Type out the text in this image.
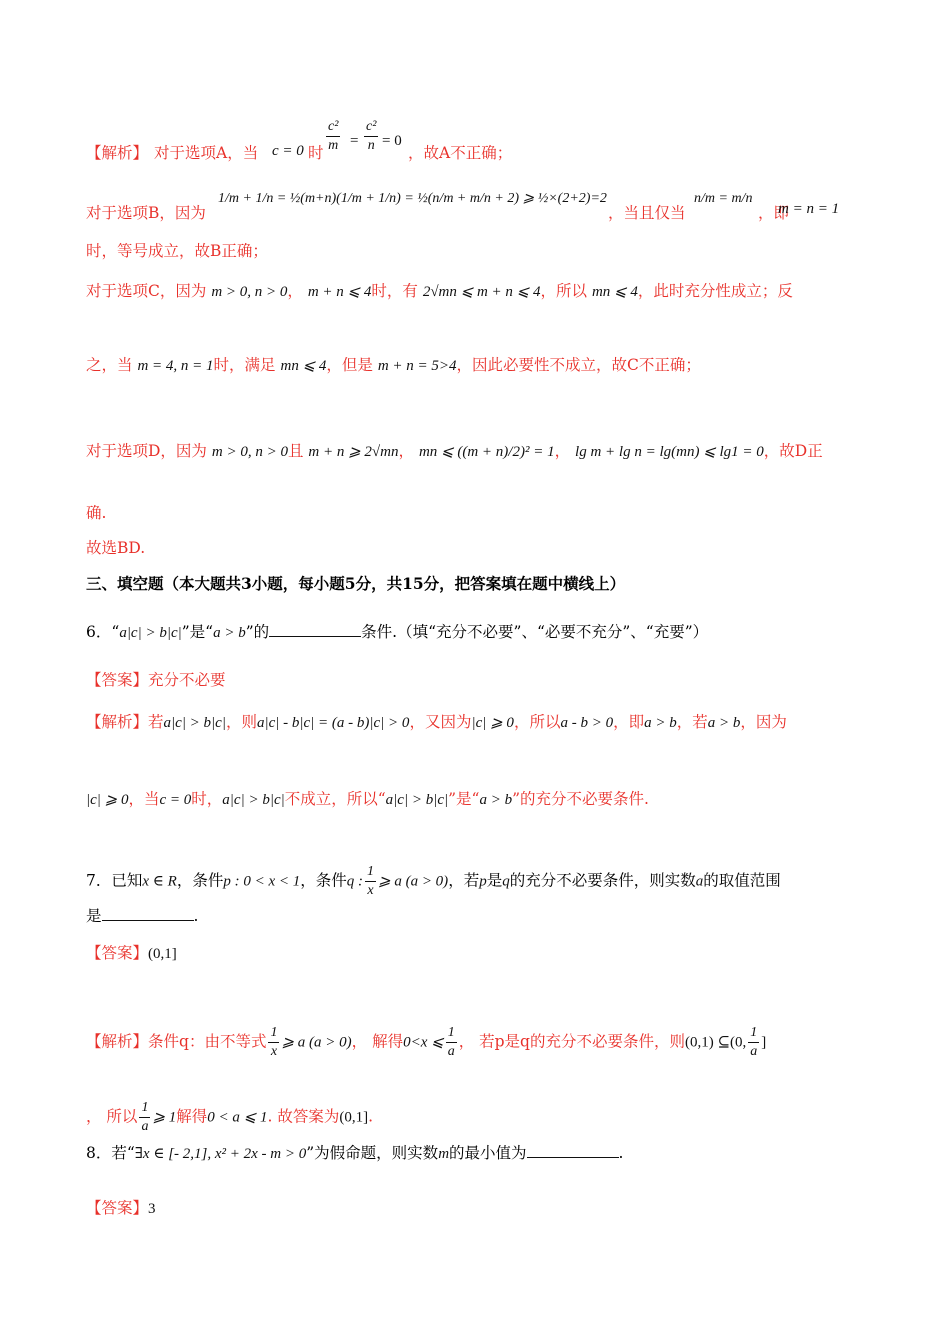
【解析】 对于选项A，当 c = 0 时 $\frac{\text{c²}}{m} = \frac{\text{c²}}{n} = 0$
，故A不正确；
对于选项B，因为
1/m + 1/n = ½(m+n)(1/m + 1/n) = ½(n/m + m/n + 2) ⩾ ½×(2+2)=2
，当且仅当
n/m = m/n
，即
m = n = 1
时，等号成立，故B正确；
对于选项C，因为 m > 0, n > 0， m + n ⩽ 4时，有 2√mn ⩽ m + n ⩽ 4，所以 mn ⩽ 4，此时充分性成立；反
之，当 m = 4, n = 1时，满足 mn ⩽ 4，但是 m + n = 5>4，因此必要性不成立，故C不正确；
对于选项D，因为 m > 0, n > 0且 m + n ⩾ 2√mn， mn ⩽ ((m + n)/2)² = 1， lg m + lg n = lg(mn) ⩽ lg1 = 0，故D正
确.
故选BD.
三、填空题（本大题共3小题，每小题5分，共15分，把答案填在题中横线上）
6．“a|c| > b|c|”是“a > b”的	条件.（填“充分不必要”、“必要不充分”、“充要”）
【答案】充分不必要
【解析】若a|c| > b|c|，则a|c| - b|c| = (a - b)|c| > 0，又因为|c| ⩾ 0，所以a - b > 0，即a > b，若a > b，因为
|c| ⩾ 0，当c = 0时，a|c| > b|c|不成立，所以“a|c| > b|c|”是“a > b”的充分不必要条件.
7．已知x ∈ R，条件p : 0 < x < 1，条件q : $\frac{1}{x}$ ⩾ a (a > 0)，若p是q的充分不必要条件，则实数a的取值范围
是	.
【答案】(0,1]
【解析】条件q：由不等式 $\frac{1}{x}$ ⩾ a (a > 0)， 解得0<x ⩽ $\frac{1}{a}$ ， 若p是q的充分不必要条件，则(0,1) ⊆(0, $\frac{1}{a}$ ]
， 所以 $\frac{1}{a}$ ⩾ 1解得0 < a ⩽ 1. 故答案为(0,1].
8．若“∃x ∈ [- 2,1], x² + 2x - m > 0”为假命题，则实数m的最小值为	.
【答案】3
